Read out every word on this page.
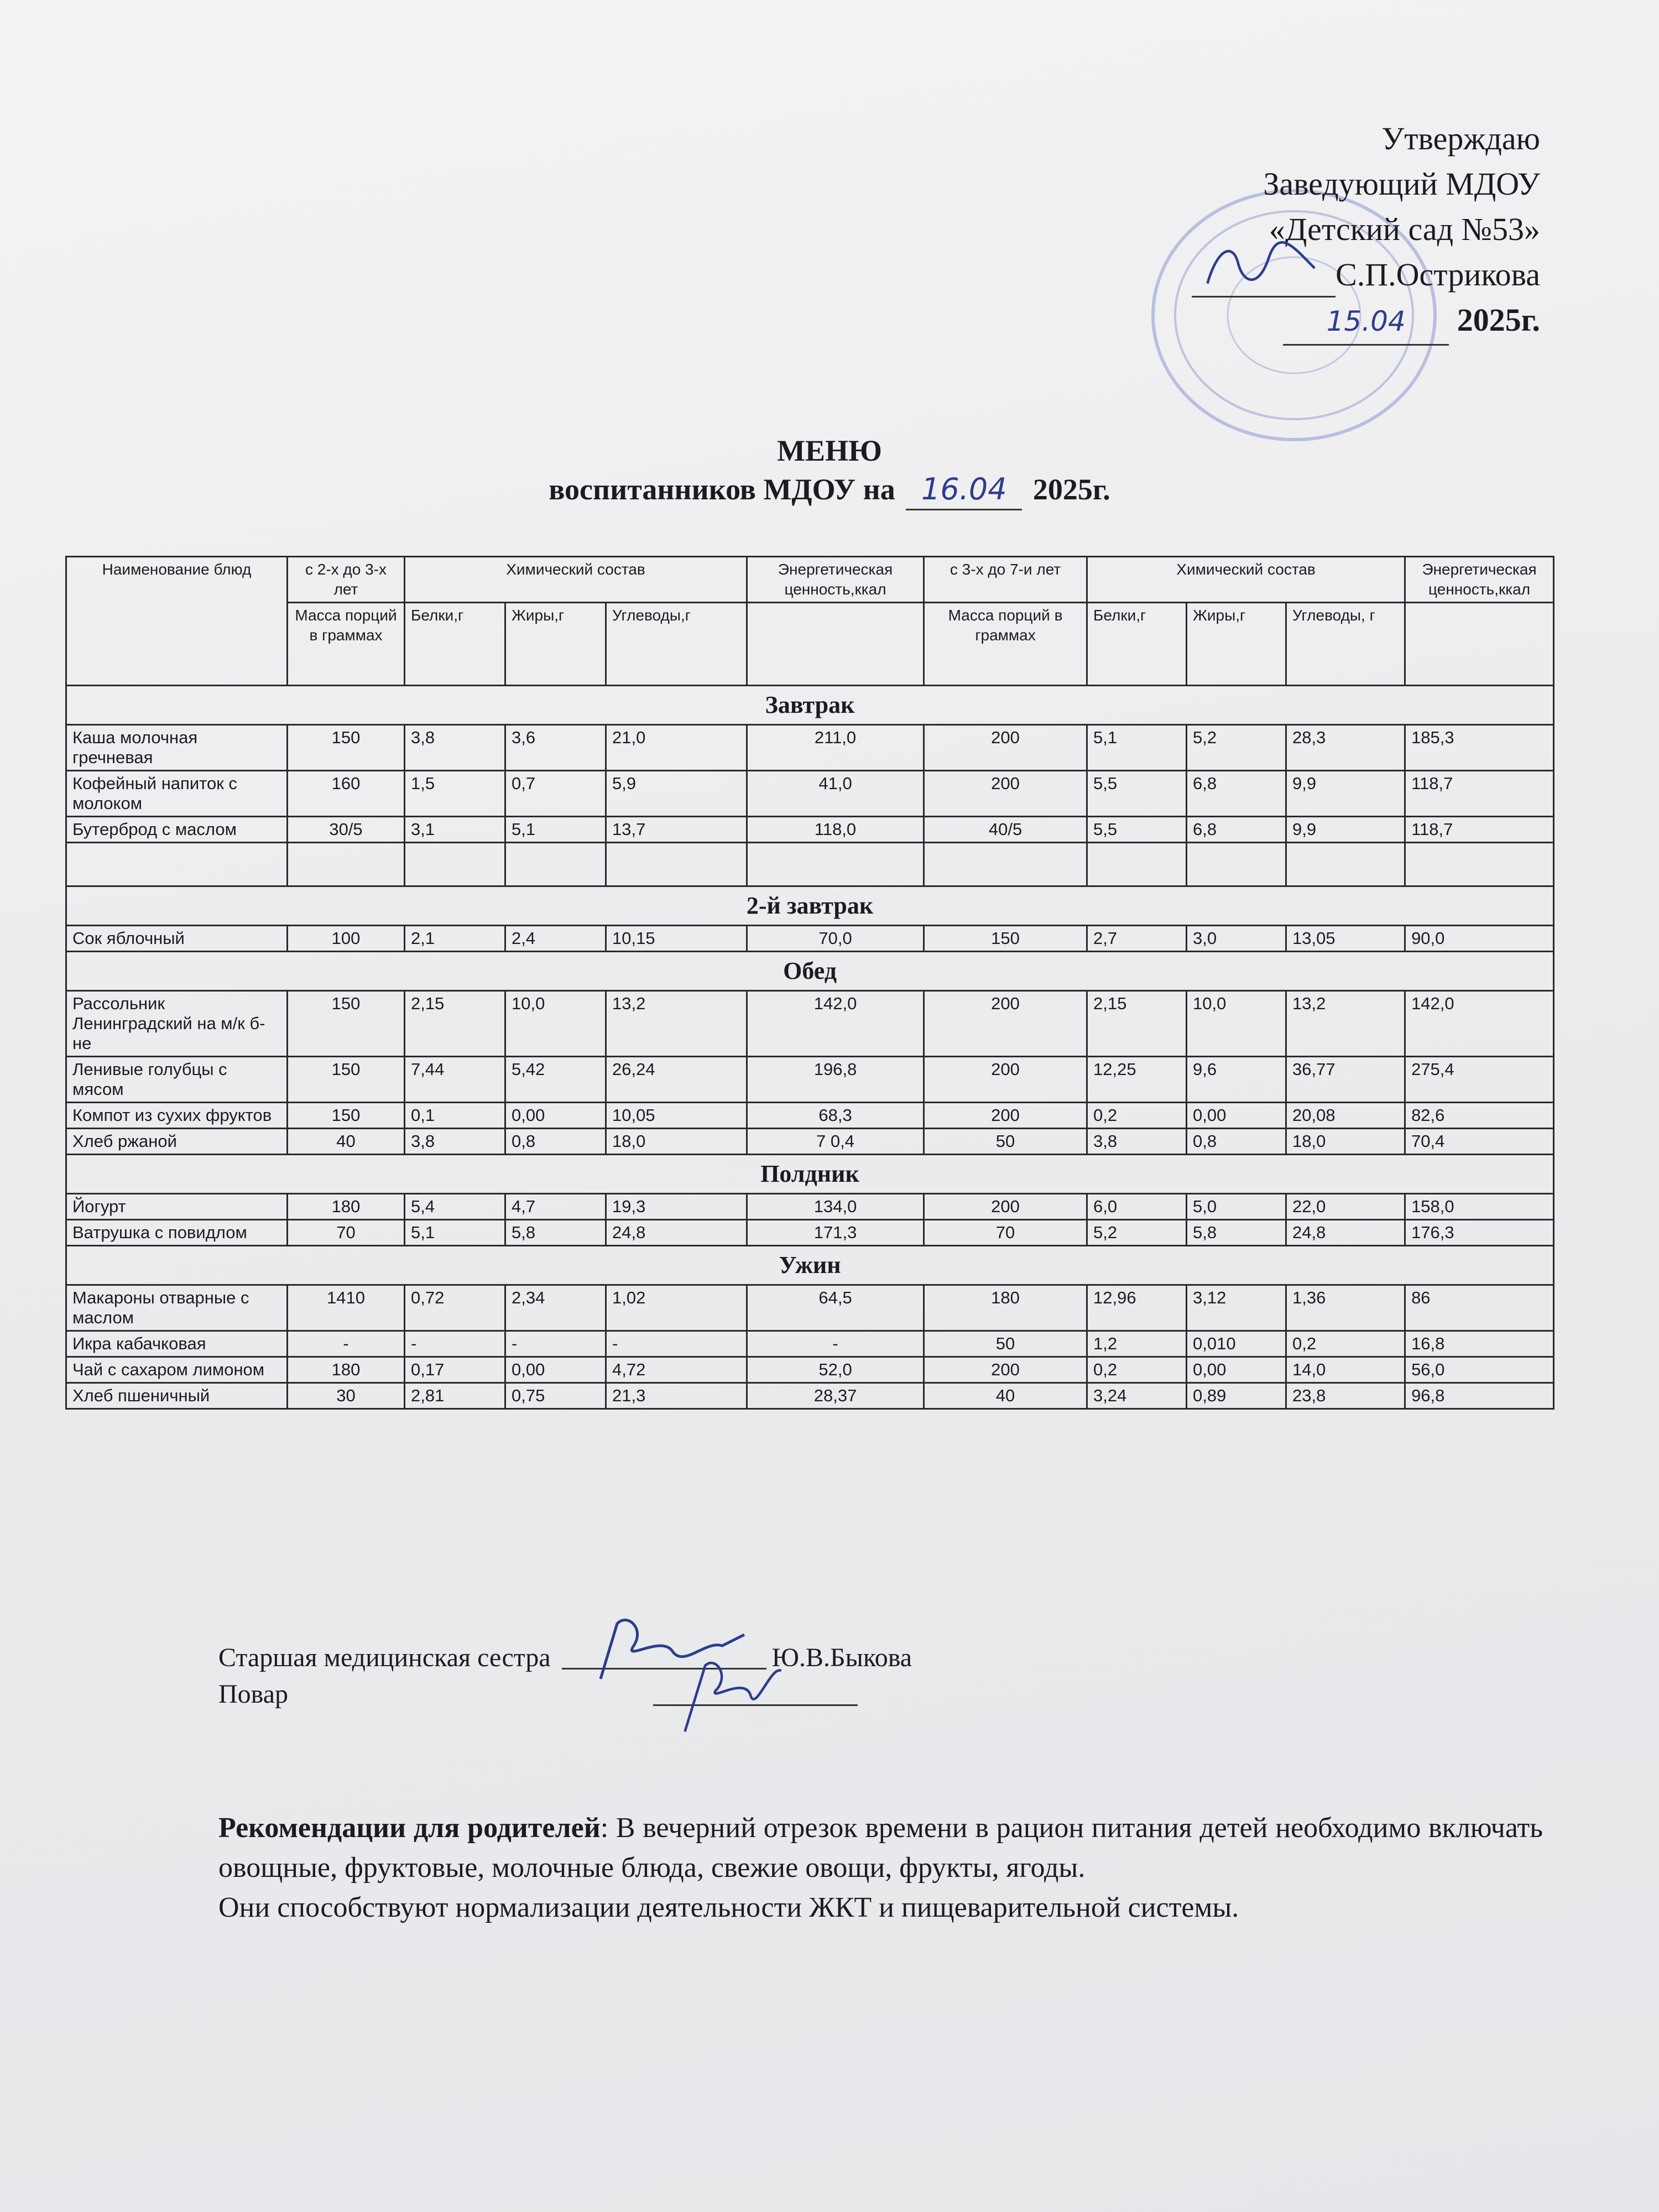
Утверждаю
Заведующий МДОУ
«Детский сад №53»
С.П.Острикова
15.04 2025г.
МЕНЮ
воспитанников МДОУ на 16.04 2025г.
Наименование блюд	с 2-х до 3-х лет	Химический состав			Энергетическая ценность,ккал	с 3-х до 7-и лет	Химический состав			Энергетическая ценность,ккал
	Масса порций в граммах	Белки,г	Жиры,г	Углеводы,г		Масса порций в граммах	Белки,г	Жиры,г	Углеводы, г	
Завтрак										
Каша молочная гречневая	150	3,8	3,6	21,0	211,0	200	5,1	5,2	28,3	185,3
Кофейный напиток с молоком	160	1,5	0,7	5,9	41,0	200	5,5	6,8	9,9	118,7
Бутерброд с маслом	30/5	3,1	5,1	13,7	118,0	40/5	5,5	6,8	9,9	118,7

2-й завтрак										
Сок яблочный	100	2,1	2,4	10,15	70,0	150	2,7	3,0	13,05	90,0
Обед										
Рассольник Ленинградский на м/к б-не	150	2,15	10,0	13,2	142,0	200	2,15	10,0	13,2	142,0
Ленивые голубцы с мясом	150	7,44	5,42	26,24	196,8	200	12,25	9,6	36,77	275,4
Компот из сухих фруктов	150	0,1	0,00	10,05	68,3	200	0,2	0,00	20,08	82,6
Хлеб ржаной	40	3,8	0,8	18,0	7 0,4	50	3,8	0,8	18,0	70,4
Полдник										
Йогурт	180	5,4	4,7	19,3	134,0	200	6,0	5,0	22,0	158,0
Ватрушка с повидлом	70	5,1	5,8	24,8	171,3	70	5,2	5,8	24,8	176,3
Ужин										
Макароны отварные с маслом	1410	0,72	2,34	1,02	64,5	180	12,96	3,12	1,36	86
Икра кабачковая	-	-	-	-	-	50	1,2	0,010	0,2	16,8
Чай с сахаром лимоном	180	0,17	0,00	4,72	52,0	200	0,2	0,00	14,0	56,0
Хлеб пшеничный	30	2,81	0,75	21,3	28,37	40	3,24	0,89	23,8	96,8
Старшая медицинская сестра	Ю.В.Быкова
Повар

Рекомендации для родителей: В вечерний отрезок времени в рацион питания детей необходимо включать овощные, фруктовые, молочные блюда, свежие овощи, фрукты, ягоды.

Они способствуют нормализации деятельности ЖКТ и пищеварительной системы.
